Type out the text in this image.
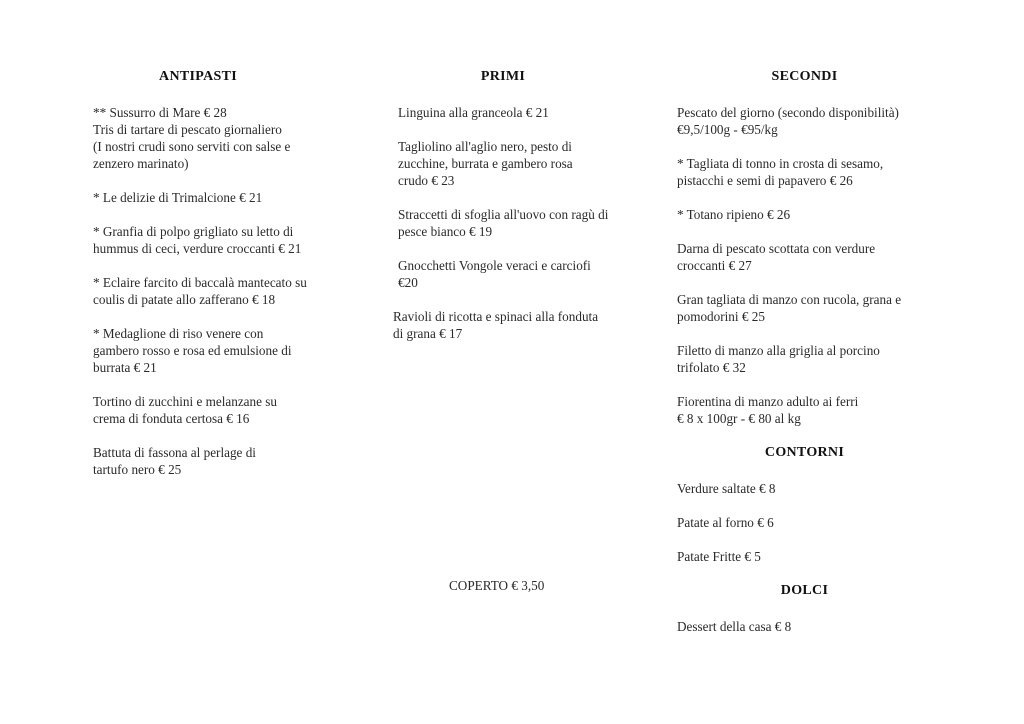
ANTIPASTI

** Sussurro di Mare € 28
Tris di tartare di pescato giornaliero
(I nostri crudi sono serviti con salse e
zenzero marinato)

* Le delizie di Trimalcione € 21

* Granfia di polpo grigliato su letto di
hummus di ceci, verdure croccanti € 21

* Eclaire farcito di baccalà mantecato su
coulis di patate allo zafferano € 18

* Medaglione di riso venere con
gambero rosso e rosa ed emulsione di
burrata € 21

Tortino di zucchini e melanzane su
crema di fonduta certosa € 16

Battuta di fassona al perlage di
tartufo nero € 25

PRIMI

Linguina alla granceola € 21

Tagliolino all'aglio nero, pesto di
zucchine, burrata e gambero rosa
crudo € 23

Straccetti di sfoglia all'uovo con ragù di
pesce bianco € 19

Gnocchetti Vongole veraci e carciofi
€20

Ravioli di ricotta e spinaci alla fonduta
di grana € 17

SECONDI

Pescato del giorno (secondo disponibilità)
€9,5/100g - €95/kg

* Tagliata di tonno in crosta di sesamo,
pistacchi e semi di papavero € 26

* Totano ripieno € 26

Darna di pescato scottata con verdure
croccanti € 27

Gran tagliata di manzo con rucola, grana e
pomodorini € 25

Filetto di manzo alla griglia al porcino
trifolato € 32

Fiorentina di manzo adulto ai ferri
€ 8 x 100gr - € 80 al kg

CONTORNI

Verdure saltate € 8

Patate al forno € 6

Patate Fritte € 5

DOLCI

Dessert della casa € 8

COPERTO € 3,50
